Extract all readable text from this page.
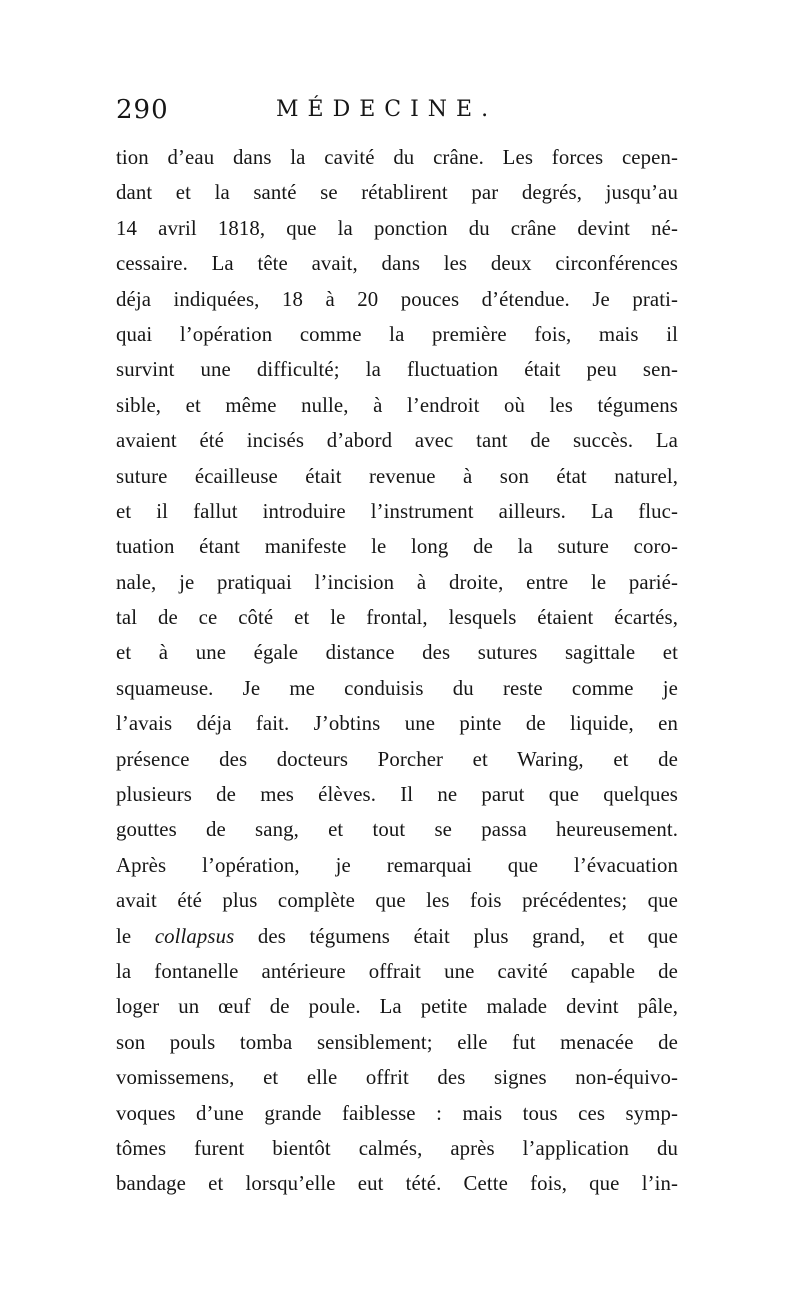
290	MÉDECINE.
tion d’eau dans la cavité du crâne. Les forces cepen-
dant et la santé se rétablirent par degrés, jusqu’au
14 avril 1818, que la ponction du crâne devint né-
cessaire. La tête avait, dans les deux circonférences
déja indiquées, 18 à 20 pouces d’étendue. Je prati-
quai l’opération comme la première fois, mais il
survint une difficulté; la fluctuation était peu sen-
sible, et même nulle, à l’endroit où les tégumens
avaient été incisés d’abord avec tant de succès. La
suture écailleuse était revenue à son état naturel,
et il fallut introduire l’instrument ailleurs. La fluc-
tuation étant manifeste le long de la suture coro-
nale, je pratiquai l’incision à droite, entre le parié-
tal de ce côté et le frontal, lesquels étaient écartés,
et à une égale distance des sutures sagittale et
squameuse. Je me conduisis du reste comme je
l’avais déja fait. J’obtins une pinte de liquide, en
présence des docteurs Porcher et Waring, et de
plusieurs de mes élèves. Il ne parut que quelques
gouttes de sang, et tout se passa heureusement.
Après l’opération, je remarquai que l’évacuation
avait été plus complète que les fois précédentes; que
le collapsus des tégumens était plus grand, et que
la fontanelle antérieure offrait une cavité capable de
loger un œuf de poule. La petite malade devint pâle,
son pouls tomba sensiblement; elle fut menacée de
vomissemens, et elle offrit des signes non-équivo-
voques d’une grande faiblesse : mais tous ces symp-
tômes furent bientôt calmés, après l’application du
bandage et lorsqu’elle eut tété. Cette fois, que l’in-
